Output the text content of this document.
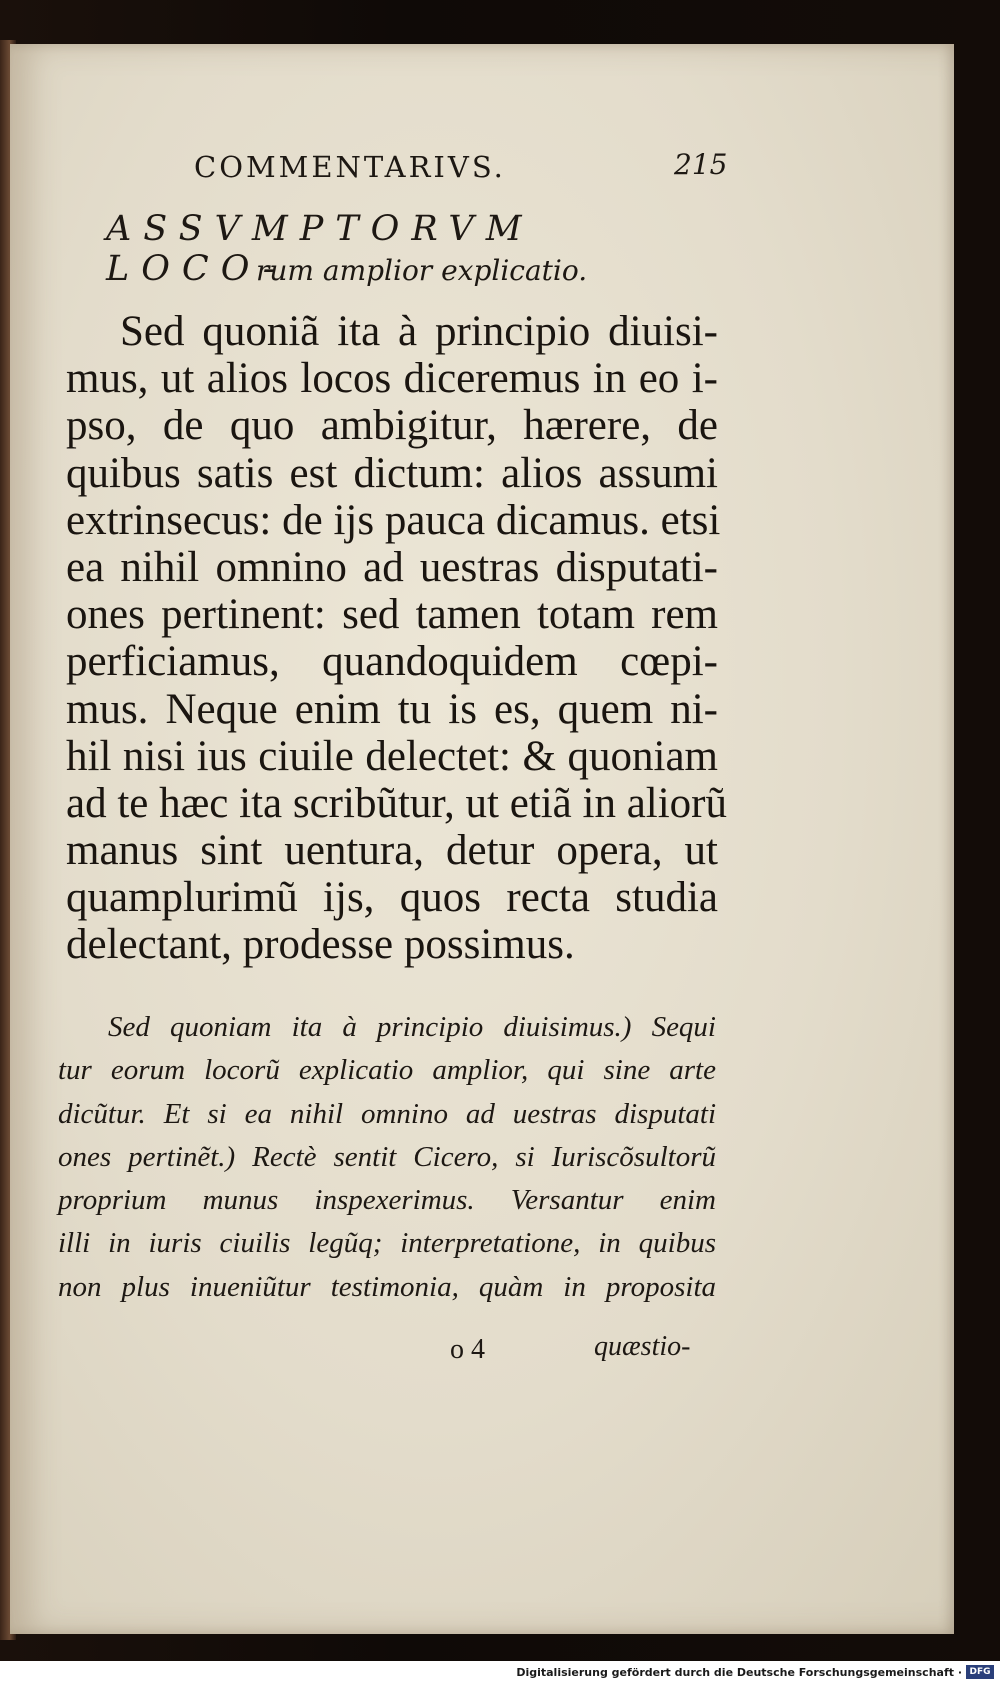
COMMENTARIVS.	215
ASSVMPTORVM LOCO-
rum amplior explicatio.
Sed quoniã ita à principio diuisi-
mus, ut alios locos diceremus in eo i-
pso, de quo ambigitur, hærere, de
quibus satis est dictum: alios assumi
extrinsecus: de ijs pauca dicamus. etsi
ea nihil omnino ad uestras disputati-
ones pertinent: sed tamen totam rem
perficiamus, quandoquidem cœpi-
mus. Neque enim tu is es, quem ni-
hil nisi ius ciuile delectet: & quoniam
ad te hæc ita scribũtur, ut etiã in aliorũ
manus sint uentura, detur opera, ut
quamplurimũ ijs, quos recta studia
delectant, prodesse possimus.
Sed quoniam ita à principio diuisimus.) Sequi
tur eorum locorũ explicatio amplior, qui sine arte
dicũtur. Et si ea nihil omnino ad uestras disputati
ones pertinẽt.) Rectè sentit Cicero, si Iuriscõsultorũ
proprium munus inspexerimus. Versantur enim
illi in iuris ciuilis legũq; interpretatione, in quibus
non plus inueniũtur testimonia, quàm in proposita
o 4	quæstio-
Digitalisierung gefördert durch die Deutsche Forschungsgemeinschaft · DFG
